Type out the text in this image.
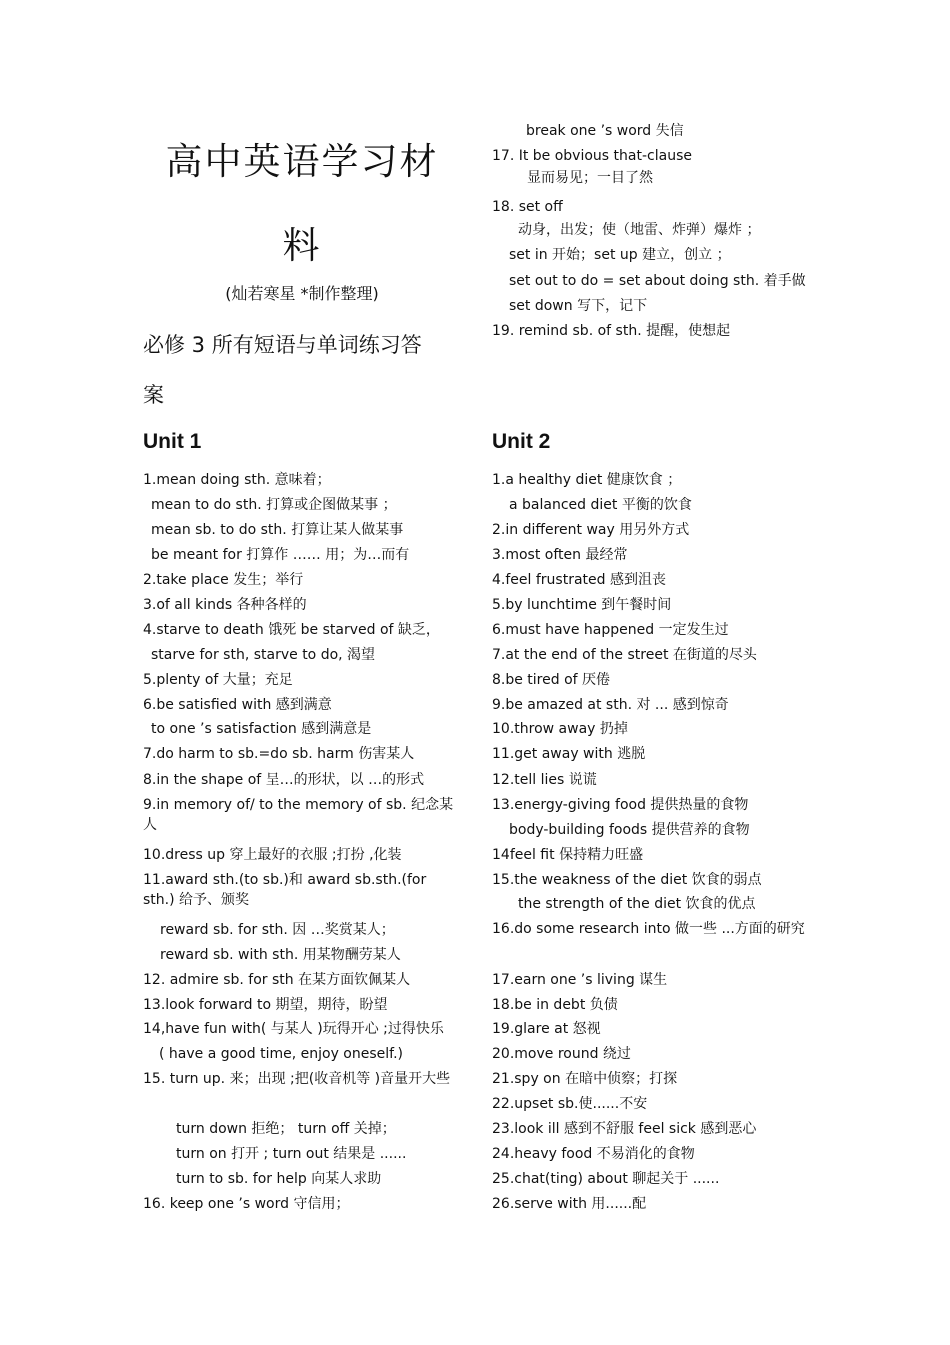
高中英语学习材
料
(灿若寒星 *制作整理)
必修 3 所有短语与单词练习答
案
break one ’s word 失信
17. It be obvious that-clause
显而易见；一目了然
18. set off
动身，出发；使（地雷、炸弹）爆炸 ；
set in 开始；set up 建立，创立 ；
set out to do = set about doing sth. 着手做
set down 写下，记下
19. remind sb. of sth. 提醒，使想起
Unit 1	Unit 2
1.mean doing sth. 意味着；
mean to do sth. 打算或企图做某事 ；
mean sb. to do sth. 打算让某人做某事
be meant for 打算作 …… 用；为…而有
2.take place 发生；举行
3.of all kinds 各种各样的
4.starve to death 饿死 be starved of 缺乏，
starve for sth, starve to do, 渴望
5.plenty of 大量；充足
6.be satisfied with 感到满意
to one ’s satisfaction 感到满意是
7.do harm to sb.=do sb. harm 伤害某人
8.in the shape of 呈…的形状，以 …的形式
9.in memory of/ to the memory of sb. 纪念某人
10.dress up 穿上最好的衣服 ;打扮 ,化装
11.award sth.(to sb.)和 award sb.sth.(for sth.) 给予、颁奖
reward sb. for sth. 因 …奖赏某人；
reward sb. with sth. 用某物酬劳某人
12. admire sb. for sth 在某方面钦佩某人
13.look forward to 期望，期待，盼望
14,have fun with( 与某人 )玩得开心 ;过得快乐
( have a good time, enjoy oneself.)
15. turn up. 来；出现 ;把(收音机等 )音量开大些
turn down 拒绝； turn off 关掉；
turn on 打开 ; turn out 结果是 ......
turn to sb. for help 向某人求助
16. keep one ’s word 守信用；
1.a healthy diet 健康饮食 ；
a balanced diet 平衡的饮食
2.in different way 用另外方式
3.most often 最经常
4.feel frustrated 感到沮丧
5.by lunchtime 到午餐时间
6.must have happened 一定发生过
7.at the end of the street 在街道的尽头
8.be tired of 厌倦
9.be amazed at sth. 对 ... 感到惊奇
10.throw away 扔掉
11.get away with 逃脱
12.tell lies 说谎
13.energy-giving food 提供热量的食物
body-building foods 提供营养的食物
14feel fit 保持精力旺盛
15.the weakness of the diet 饮食的弱点
the strength of the diet 饮食的优点
16.do some research into 做一些 ...方面的研究
17.earn one ’s living 谋生
18.be in debt 负债
19.glare at 怒视
20.move round 绕过
21.spy on 在暗中侦察；打探
22.upset sb.使......不安
23.look ill 感到不舒服 feel sick 感到恶心
24.heavy food 不易消化的食物
25.chat(ting) about 聊起关于 ......
26.serve with 用......配
